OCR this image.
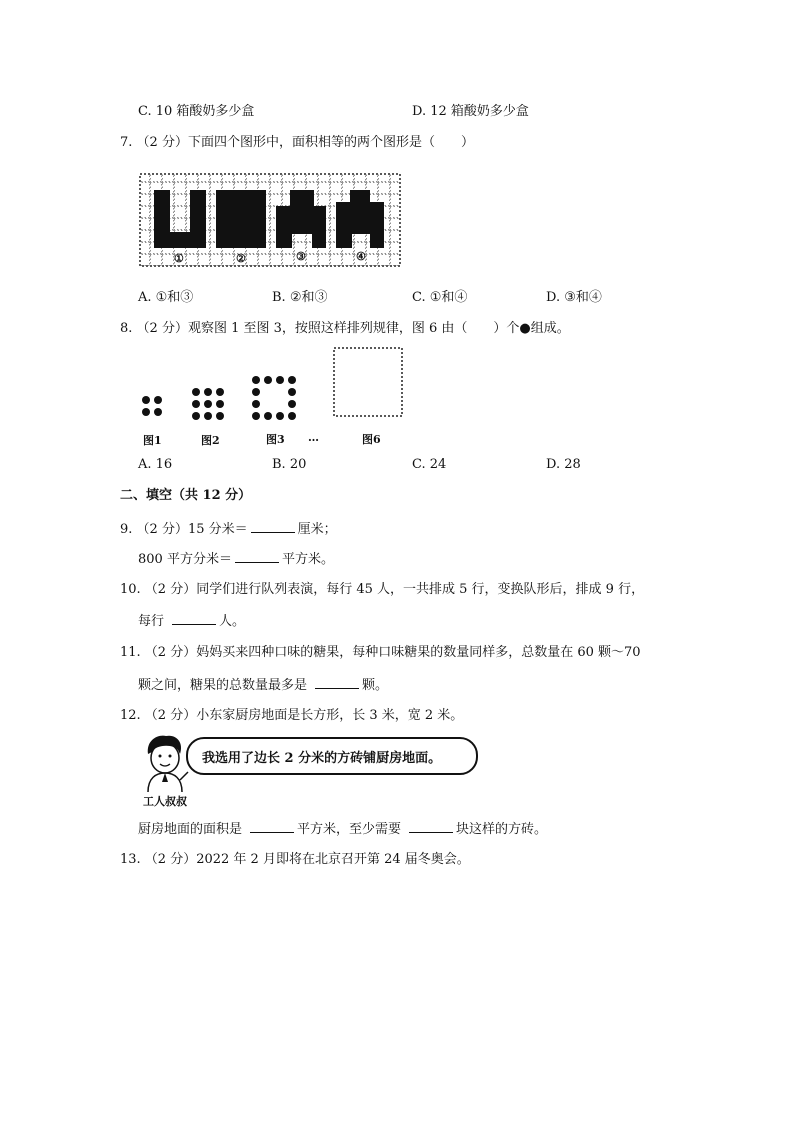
C. 10 箱酸奶多少盒	D. 12 箱酸奶多少盒
7. （2 分）下面四个图形中，面积相等的两个图形是（　　）
①	②	③	④
A. ①和③	B. ②和③	C. ①和④	D. ③和④
8. （2 分）观察图 1 至图 3，按照这样排列规律，图 6 由（　　）个●组成。
图1	图2	图3 …	图6
A. 16	B. 20	C. 24	D. 28
二、填空（共 12 分）
9. （2 分）15 分米＝	厘米；
800 平方分米＝	平方米。
10. （2 分）同学们进行队列表演，每行 45 人，一共排成 5 行，变换队形后，排成 9 行，
每行	人。
11. （2 分）妈妈买来四种口味的糖果，每种口味糖果的数量同样多，总数量在 60 颗～70
颗之间，糖果的总数量最多是	颗。
12. （2 分）小东家厨房地面是长方形，长 3 米，宽 2 米。
我选用了边长 2 分米的方砖铺厨房地面。
工人叔叔
厨房地面的面积是	平方米，至少需要	块这样的方砖。
13. （2 分）2022 年 2 月即将在北京召开第 24 届冬奥会。
